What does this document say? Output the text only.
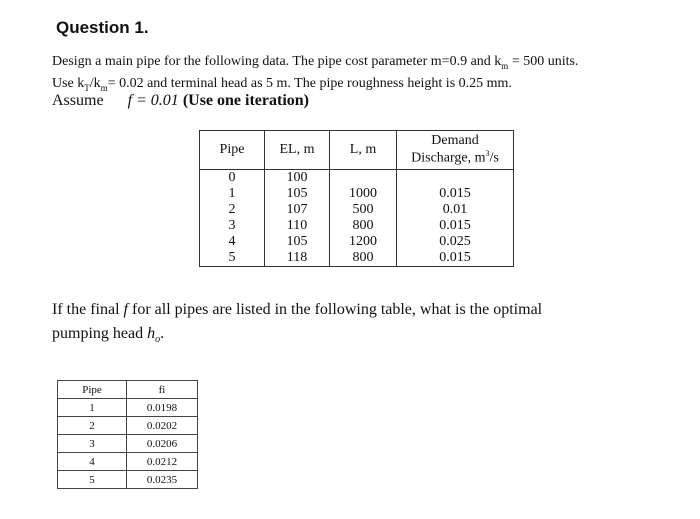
Question 1.
Design a main pipe for the following data. The pipe cost parameter m=0.9 and $k_m = 500$ units.
Use $k_T/k_m= 0.02$ and terminal head as 5 m. The pipe roughness height is 0.25 mm.
Assume f = 0.01 (Use one iteration)
Pipe	EL, m	L, m	Demand
Discharge, $m^3/s$
0	100		
1	105	1000	0.015
2	107	500	0.01
3	110	800	0.015
4	105	1200	0.025
5	118	800	0.015
If the final f for all pipes are listed in the following table, what is the optimal
pumping head $h_o$.
Pipe	fi
1	0.0198
2	0.0202
3	0.0206
4	0.0212
5	0.0235
